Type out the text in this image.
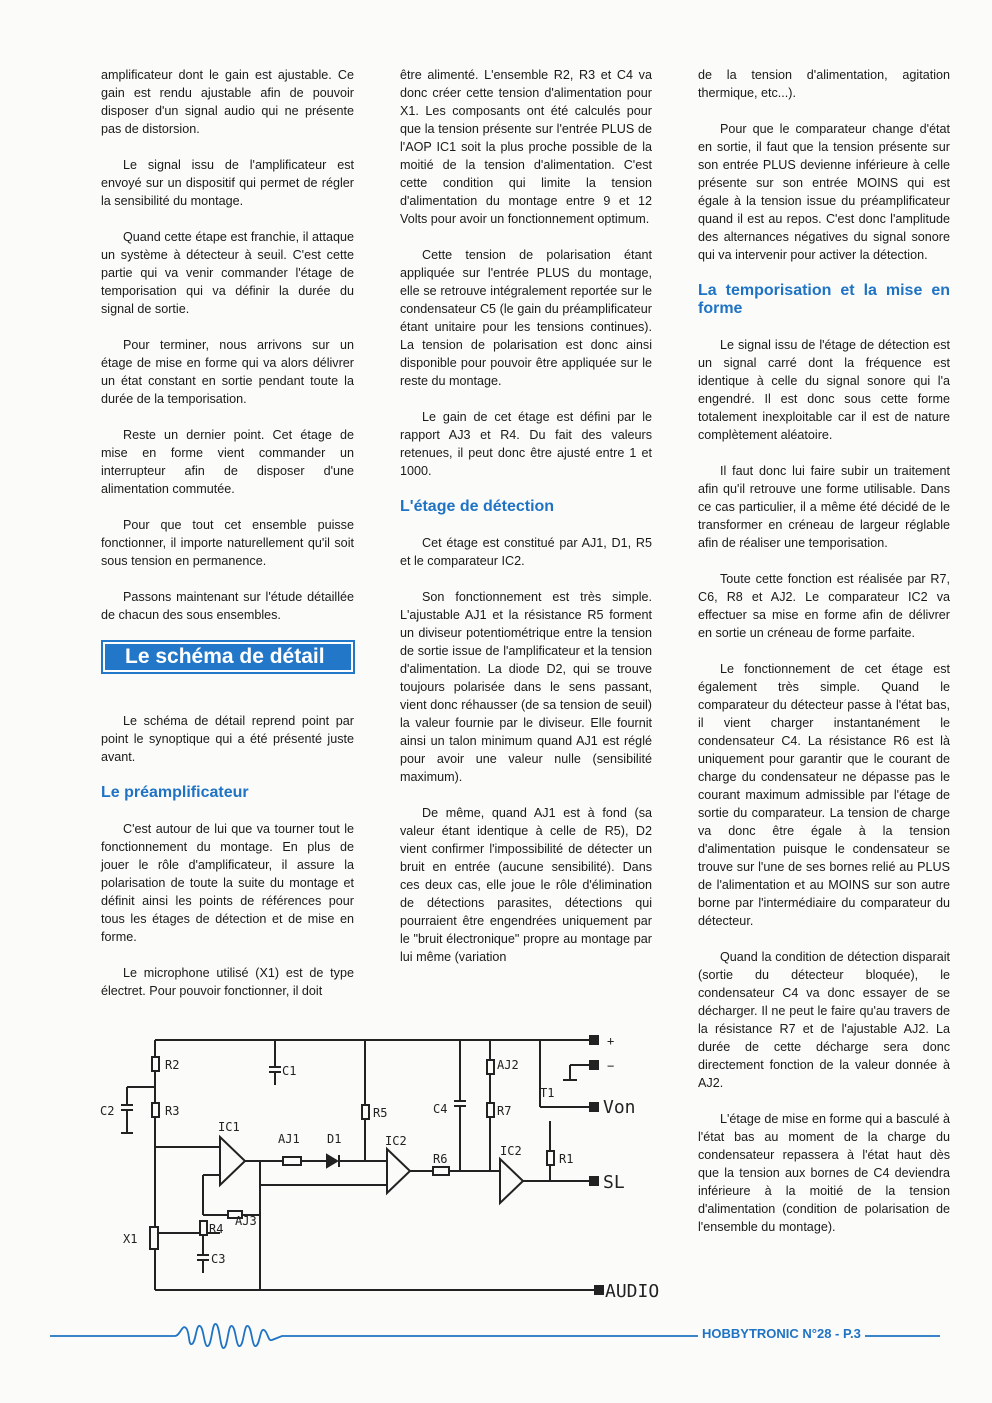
amplificateur dont le gain est ajustable. Ce gain est rendu ajustable afin de pouvoir disposer d'un signal audio qui ne présente pas de distorsion.

Le signal issu de l'amplificateur est envoyé sur un dispositif qui permet de régler la sensibilité du montage.

Quand cette étape est franchie, il attaque un système à détecteur à seuil. C'est cette partie qui va venir commander l'étage de temporisation qui va définir la durée du signal de sortie.

Pour terminer, nous arrivons sur un étage de mise en forme qui va alors délivrer un état constant en sortie pendant toute la durée de la temporisation.

Reste un dernier point. Cet étage de mise en forme vient commander un interrupteur afin de disposer d'une alimentation commutée.

Pour que tout cet ensemble puisse fonctionner, il importe naturellement qu'il soit sous tension en permanence.

Passons maintenant sur l'étude détaillée de chacun des sous ensembles.

Le schéma de détail

Le schéma de détail reprend point par point le synoptique qui a été présenté juste avant.

Le préamplificateur

C'est autour de lui que va tourner tout le fonctionnement du montage. En plus de jouer le rôle d'amplificateur, il assure la polarisation de toute la suite du montage et définit ainsi les points de références pour tous les étages de détection et de mise en forme.

Le microphone utilisé (X1) est de type électret. Pour pouvoir fonctionner, il doit

être alimenté. L'ensemble R2, R3 et C4 va donc créer cette tension d'alimentation pour X1. Les composants ont été calculés pour que la tension présente sur l'entrée PLUS de l'AOP IC1 soit la plus proche possible de la moitié de la tension d'alimentation. C'est cette condition qui limite la tension d'alimentation du montage entre 9 et 12 Volts pour avoir un fonctionnement optimum.

Cette tension de polarisation étant appliquée sur l'entrée PLUS du montage, elle se retrouve intégralement reportée sur le condensateur C5 (le gain du préamplificateur étant unitaire pour les tensions continues). La tension de polarisation est donc ainsi disponible pour pouvoir être appliquée sur le reste du montage.

Le gain de cet étage est défini par le rapport AJ3 et R4. Du fait des valeurs retenues, il peut donc être ajusté entre 1 et 1000.

L'étage de détection

Cet étage est constitué par AJ1, D1, R5 et le comparateur IC2.

Son fonctionnement est très simple. L'ajustable AJ1 et la résistance R5 forment un diviseur potentiométrique entre la tension de sortie issue de l'amplificateur et la tension d'alimentation. La diode D2, qui se trouve toujours polarisée dans le sens passant, vient donc réhausser (de sa tension de seuil) la valeur fournie par le diviseur. Elle fournit ainsi un talon minimum quand AJ1 est réglé pour avoir une valeur nulle (sensibilité maximum).

De même, quand AJ1 est à fond (sa valeur étant identique à celle de R5), D2 vient confirmer l'impossibilité de détecter un bruit en entrée (aucune sensibilité). Dans ces deux cas, elle joue le rôle d'élimination de détections parasites, détections qui pourraient être engendrées uniquement par le "bruit électronique" propre au montage par lui même (variation

de la tension d'alimentation, agitation thermique, etc...).

Pour que le comparateur change d'état en sortie, il faut que la tension présente sur son entrée PLUS devienne inférieure à celle présente sur son entrée MOINS qui est égale à la tension issue du préamplificateur quand il est au repos. C'est donc l'amplitude des alternances négatives du signal sonore qui va intervenir pour activer la détection.

La temporisation et la mise en forme

Le signal issu de l'étage de détection est un signal carré dont la fréquence est identique à celle du signal sonore qui l'a engendré. Il est donc sous cette forme totalement inexploitable car il est de nature complètement aléatoire.

Il faut donc lui faire subir un traitement afin qu'il retrouve une forme utilisable. Dans ce cas particulier, il a même été décidé de le transformer en créneau de largeur réglable afin de réaliser une temporisation.

Toute cette fonction est réalisée par R7, C6, R8 et AJ2. Le comparateur IC2 va effectuer sa mise en forme afin de délivrer en sortie un créneau de forme parfaite.

Le fonctionnement de cet étage est également très simple. Quand le comparateur du détecteur passe à l'état bas, il vient charger instantanément le condensateur C4. La résistance R6 est là uniquement pour garantir que le courant de charge du condensateur ne dépasse pas le courant maximum admissible par l'étage de sortie du comparateur. La tension de charge va donc être égale à la tension d'alimentation puisque le condensateur se trouve sur l'une de ses bornes relié au PLUS de l'alimentation et au MOINS sur son autre borne par l'intermédiaire du comparateur du détecteur.

Quand la condition de détection disparait (sortie du détecteur bloquée), le condensateur C4 va donc essayer de se décharger. Il ne peut le faire qu'au travers de la résistance R7 et de l'ajustable AJ2. La durée de cette décharge sera donc directement fonction de la valeur donnée à AJ2.

L'étage de mise en forme qui a basculé à l'état bas au moment de la charge du condensateur repassera à l'état haut dès que la tension aux bornes de C4 deviendra inférieure à la moitié de la tension d'alimentation (condition de polarisation de l'ensemble du montage).

+
−
R2
R3
C1
C2
IC1
AJ1 D1
R5
IC2
R6
C4
AJ2
R7
T1
Von
IC2
R1
SL
AJ3
R4
X1
C3
AUDIO
HOBBYTRONIC N°28 - P.3
